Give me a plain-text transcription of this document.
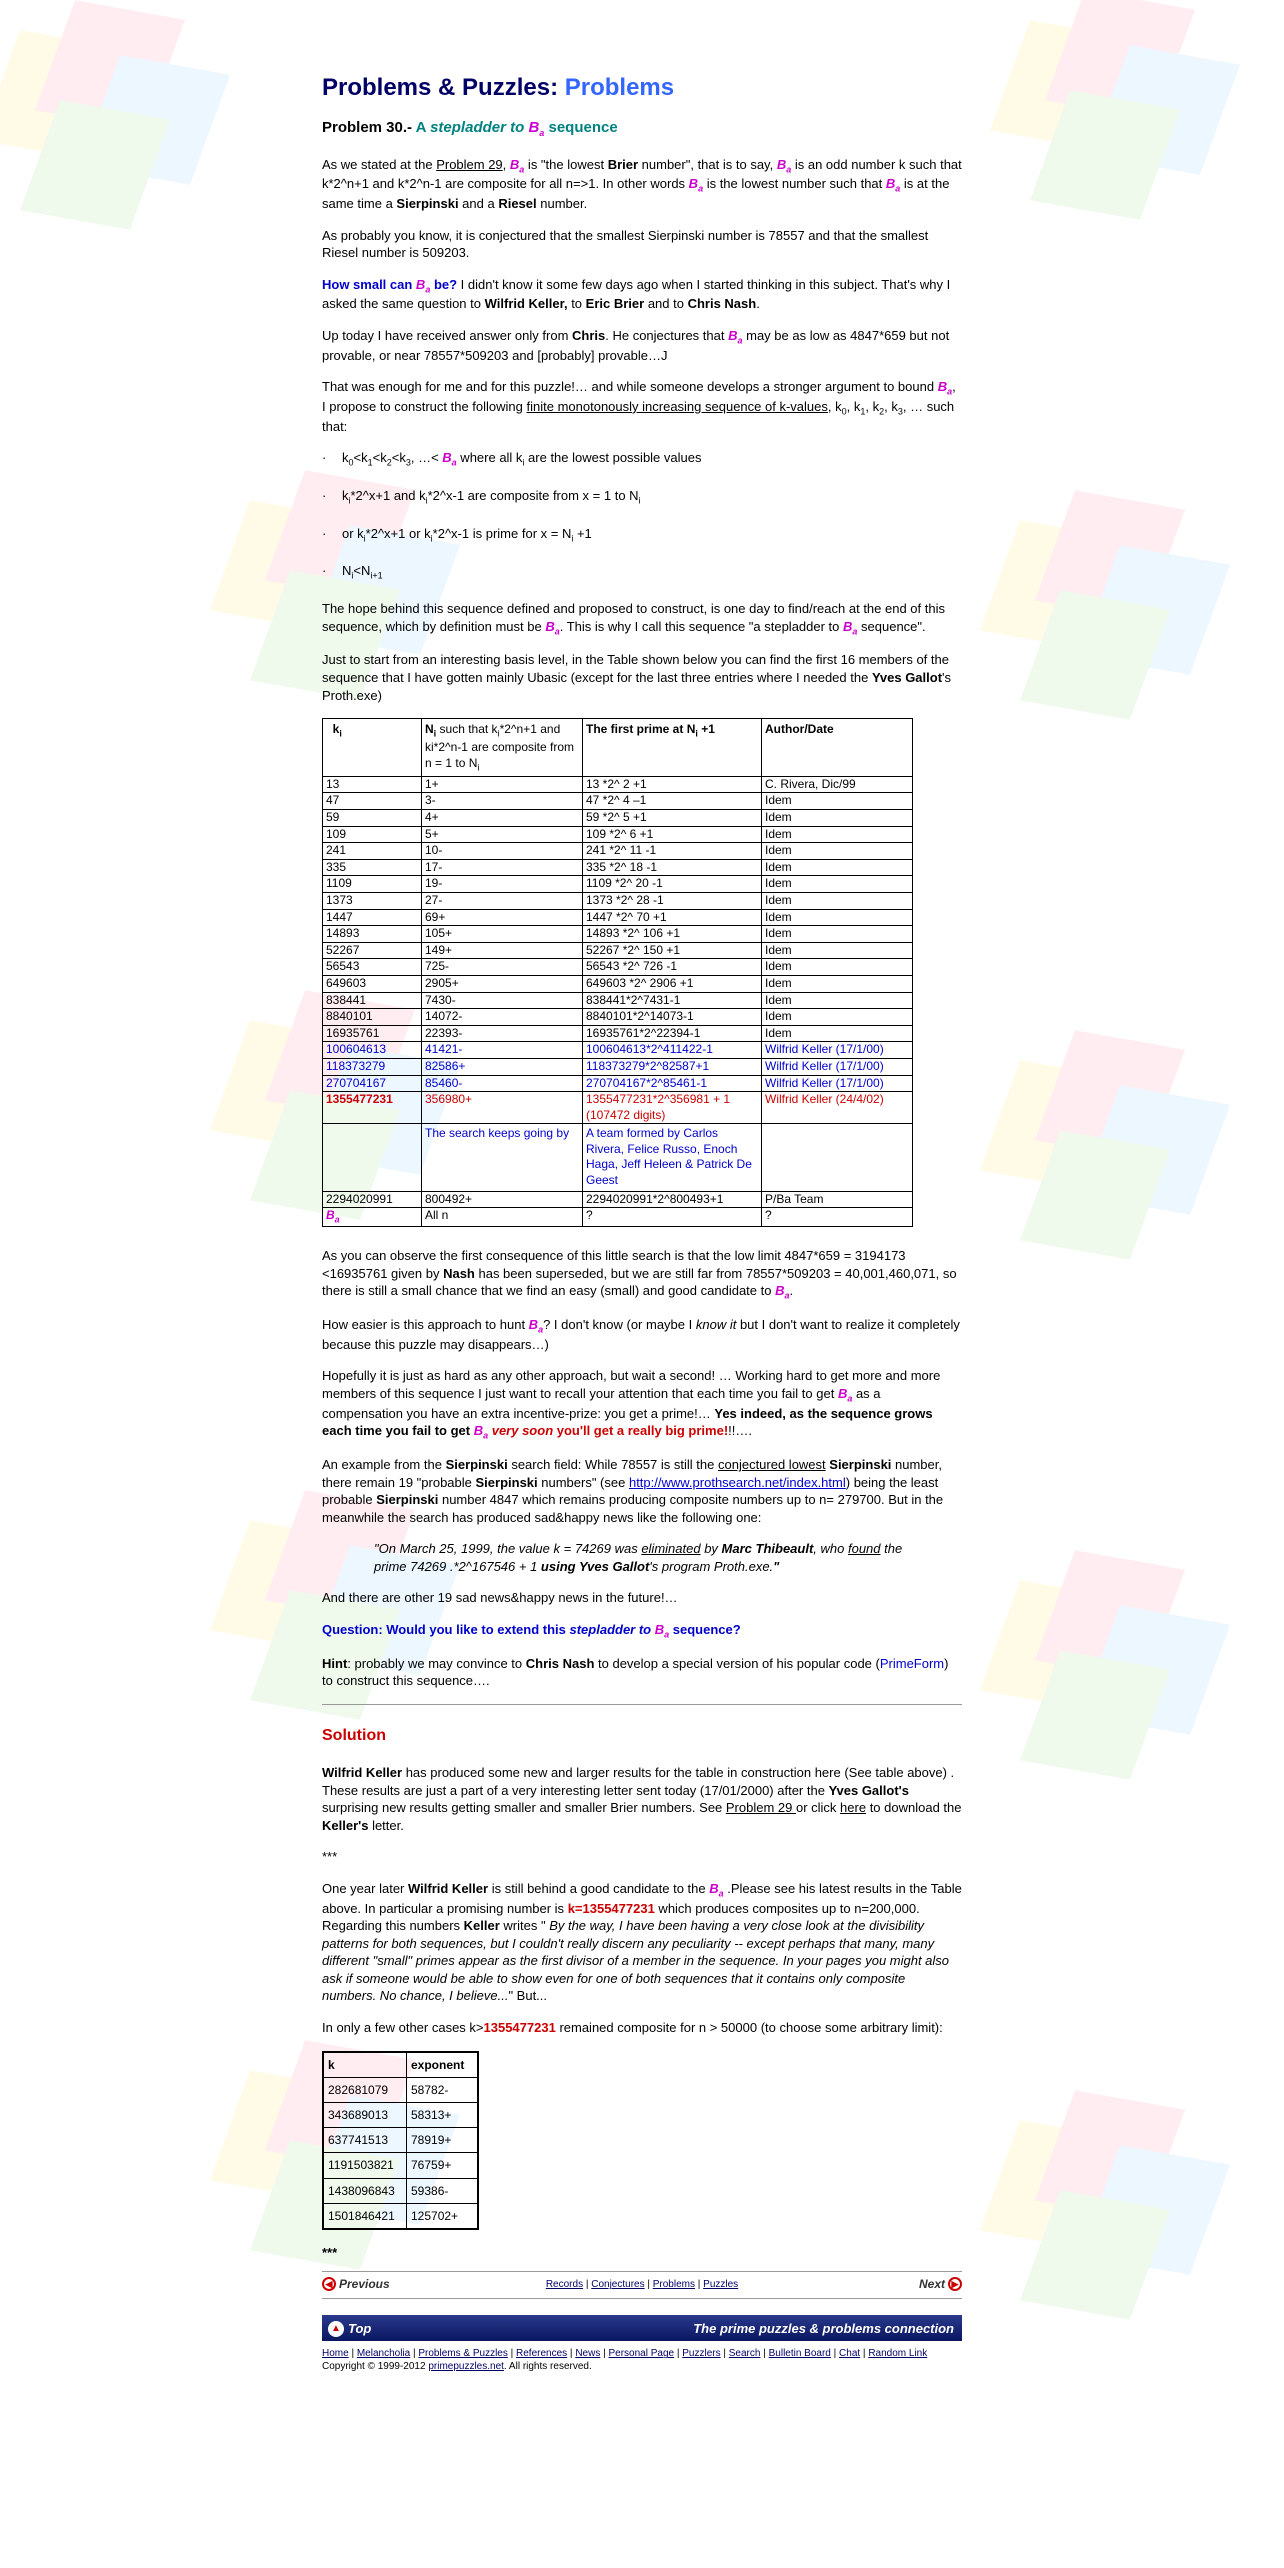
Problems & Puzzles: Problems
Problem 30.- A stepladder to $B_a$ sequence

As we stated at the Problem 29, $B_a$ is "the lowest Brier number", that is to say, $B_a$ is an odd number k such that k*2^n+1 and k*2^n-1 are composite for all n=>1. In other words $B_a$ is the lowest number such that $B_a$ is at the same time a Sierpinski and a Riesel number.

As probably you know, it is conjectured that the smallest Sierpinski number is 78557 and that the smallest Riesel number is 509203.

How small can $B_a$ be? I didn't know it some few days ago when I started thinking in this subject. That's why I asked the same question to Wilfrid Keller, to Eric Brier and to Chris Nash.

Up today I have received answer only from Chris. He conjectures that $B_a$ may be as low as 4847*659 but not provable, or near 78557*509203 and [probably] provable…J

That was enough for me and for this puzzle!… and while someone develops a stronger argument to bound $B_a$, I propose to construct the following finite monotonously increasing sequence of k-values, $k_0$, $k_1$, $k_2$, $k_3$, … such that:

· $k_0<k_1<k_2<k_3$, …< $B_a$ where all $k_i$ are the lowest possible values
· $k_i*2\^{}x+1$ and $k_i*2\^{}x-1$ are composite from x = 1 to $N_i$
· or $k_i*2\^{}x+1$ or $k_i*2\^{}x-1$ is prime for $x = N_i +1$
· $N_i<N_{i+1}$

The hope behind this sequence defined and proposed to construct, is one day to find/reach at the end of this sequence, which by definition must be $B_a$. This is why I call this sequence "a stepladder to $B_a$ sequence".

Just to start from an interesting basis level, in the Table shown below you can find the first 16 members of the sequence that I have gotten mainly Ubasic (except for the last three entries where I needed the Yves Gallot's Proth.exe)

$k_i$	$N_i$ such that $k_i*2\^{}n+1$ and ki*2^n-1 are composite from n = 1 to $N_i$	The first prime at $N_i +1$	Author/Date
13	1+	13 *2^ 2 +1	C. Rivera, Dic/99
47	3-	47 *2^ 4 –1	Idem
59	4+	59 *2^ 5 +1	Idem
109	5+	109 *2^ 6 +1	Idem
241	10-	241 *2^ 11 -1	Idem
335	17-	335 *2^ 18 -1	Idem
1109	19-	1109 *2^ 20 -1	Idem
1373	27-	1373 *2^ 28 -1	Idem
1447	69+	1447 *2^ 70 +1	Idem
14893	105+	14893 *2^ 106 +1	Idem
52267	149+	52267 *2^ 150 +1	Idem
56543	725-	56543 *2^ 726 -1	Idem
649603	2905+	649603 *2^ 2906 +1	Idem
838441	7430-	838441*2^7431-1	Idem
8840101	14072-	8840101*2^14073-1	Idem
16935761	22393-	16935761*2^22394-1	Idem
100604613	41421-	100604613*2^411422-1	Wilfrid Keller (17/1/00)
118373279	82586+	118373279*2^82587+1	Wilfrid Keller (17/1/00)
270704167	85460-	270704167*2^85461-1	Wilfrid Keller (17/1/00)
1355477231	356980+	1355477231*2^356981 + 1 (107472 digits)	Wilfrid Keller (24/4/02)
	The search keeps going by	A team formed by Carlos Rivera, Felice Russo, Enoch Haga, Jeff Heleen & Patrick De Geest	
2294020991	800492+	2294020991*2^800493+1	P/Ba Team
$B_a$	All n	?	?

As you can observe the first consequence of this little search is that the low limit 4847*659 = 3194173 <16935761 given by Nash has been superseded, but we are still far from 78557*509203 = 40,001,460,071, so there is still a small chance that we find an easy (small) and good candidate to $B_a$.

How easier is this approach to hunt $B_a$? I don't know (or maybe I know it but I don't want to realize it completely because this puzzle may disappears…)

Hopefully it is just as hard as any other approach, but wait a second! … Working hard to get more and more members of this sequence I just want to recall your attention that each time you fail to get $B_a$ as a compensation you have an extra incentive-prize: you get a prime!… Yes indeed, as the sequence grows each time you fail to get $B_a$ very soon you'll get a really big prime!!!….

An example from the Sierpinski search field: While 78557 is still the conjectured lowest Sierpinski number, there remain 19 "probable Sierpinski numbers" (see http://www.prothsearch.net/index.html) being the least probable Sierpinski number 4847 which remains producing composite numbers up to n= 279700. But in the meanwhile the search has produced sad&happy news like the following one:

"On March 25, 1999, the value k = 74269 was eliminated by Marc Thibeault, who found the prime 74269 .*2^167546 + 1 using Yves Gallot's program Proth.exe."

And there are other 19 sad news&happy news in the future!…

Question: Would you like to extend this stepladder to $B_a$ sequence?

Hint: probably we may convince to Chris Nash to develop a special version of his popular code (PrimeForm) to construct this sequence….

Solution

Wilfrid Keller has produced some new and larger results for the table in construction here (See table above) . These results are just a part of a very interesting letter sent today (17/01/2000) after the Yves Gallot's surprising new results getting smaller and smaller Brier numbers. See Problem 29 or click here to download the Keller's letter.

***

One year later Wilfrid Keller is still behind a good candidate to the $B_a$ .Please see his latest results in the Table above. In particular a promising number is k=1355477231 which produces composites up to n=200,000. Regarding this numbers Keller writes " By the way, I have been having a very close look at the divisibility patterns for both sequences, but I couldn't really discern any peculiarity -- except perhaps that many, many different "small" primes appear as the first divisor of a member in the sequence. In your pages you might also ask if someone would be able to show even for one of both sequences that it contains only composite numbers. No chance, I believe..." But...

In only a few other cases k>1355477231 remained composite for n > 50000 (to choose some arbitrary limit):

k	exponent
282681079	58782-
343689013	58313+
637741513	78919+
1191503821	76759+
1438096843	59386-
1501846421	125702+

***

◀ Previous	Records | Conjectures | Problems | Puzzles	Next ▶
▲ Top	The prime puzzles & problems connection
Home | Melancholia | Problems & Puzzles | References | News | Personal Page | Puzzlers | Search | Bulletin Board | Chat | Random Link
Copyright © 1999-2012 primepuzzles.net. All rights reserved.
